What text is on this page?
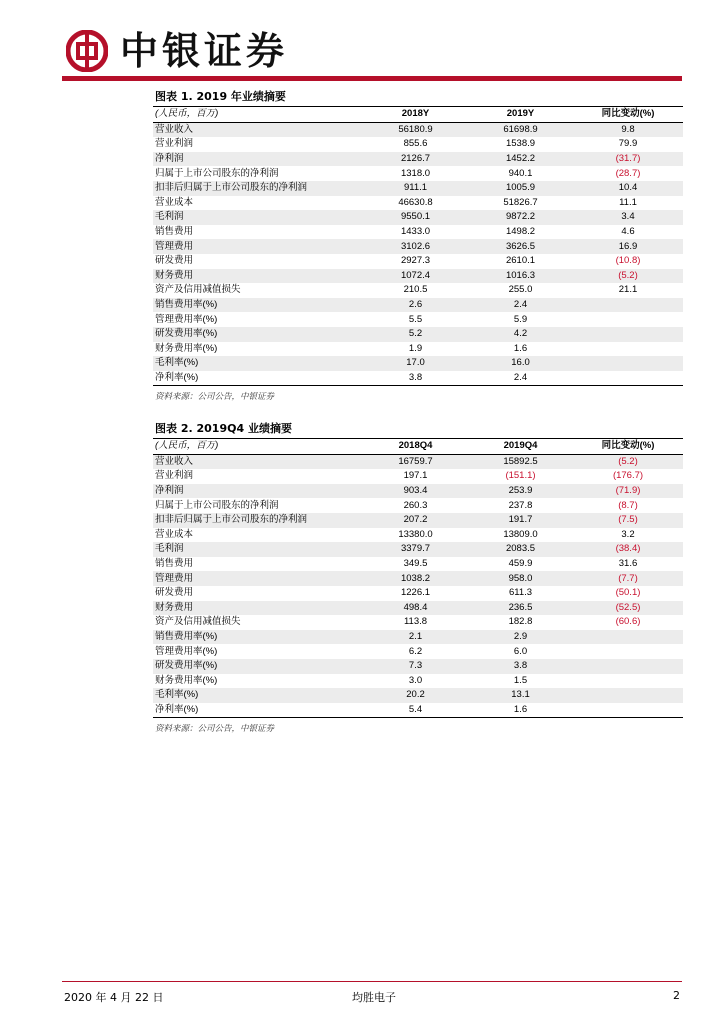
中银证券
图表 1. 2019 年业绩摘要
(人民币，百万)	2018Y	2019Y	同比变动(%)
营业收入	56180.9	61698.9	9.8
营业利润	855.6	1538.9	79.9
净利润	2126.7	1452.2	(31.7)
归属于上市公司股东的净利润	1318.0	940.1	(28.7)
扣非后归属于上市公司股东的净利润	911.1	1005.9	10.4
营业成本	46630.8	51826.7	11.1
毛利润	9550.1	9872.2	3.4
销售费用	1433.0	1498.2	4.6
管理费用	3102.6	3626.5	16.9
研发费用	2927.3	2610.1	(10.8)
财务费用	1072.4	1016.3	(5.2)
资产及信用减值损失	210.5	255.0	21.1
销售费用率(%)	2.6	2.4	
管理费用率(%)	5.5	5.9	
研发费用率(%)	5.2	4.2	
财务费用率(%)	1.9	1.6	
毛利率(%)	17.0	16.0	
净利率(%)	3.8	2.4	
资料来源：公司公告，中银证券
图表 2. 2019Q4 业绩摘要
(人民币，百万)	2018Q4	2019Q4	同比变动(%)
营业收入	16759.7	15892.5	(5.2)
营业利润	197.1	(151.1)	(176.7)
净利润	903.4	253.9	(71.9)
归属于上市公司股东的净利润	260.3	237.8	(8.7)
扣非后归属于上市公司股东的净利润	207.2	191.7	(7.5)
营业成本	13380.0	13809.0	3.2
毛利润	3379.7	2083.5	(38.4)
销售费用	349.5	459.9	31.6
管理费用	1038.2	958.0	(7.7)
研发费用	1226.1	611.3	(50.1)
财务费用	498.4	236.5	(52.5)
资产及信用减值损失	113.8	182.8	(60.6)
销售费用率(%)	2.1	2.9	
管理费用率(%)	6.2	6.0	
研发费用率(%)	7.3	3.8	
财务费用率(%)	3.0	1.5	
毛利率(%)	20.2	13.1	
净利率(%)	5.4	1.6	
资料来源：公司公告，中银证券
2020 年 4 月 22 日	均胜电子	2
